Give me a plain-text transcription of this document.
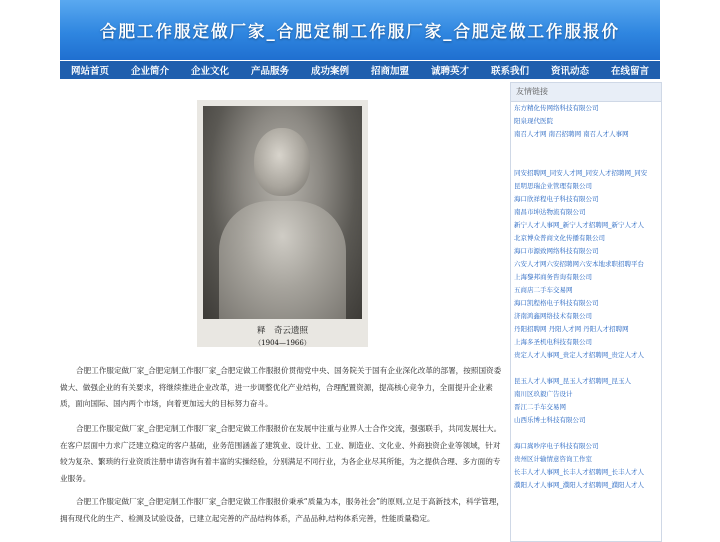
合肥工作服定做厂家_合肥定制工作服厂家_合肥定做工作服报价
网站首页 企业简介 企业文化 产品服务 成功案例 招商加盟 诚聘英才 联系我们 资讯动态 在线留言
释　奇云遗照
（1904—1966）

合肥工作服定做厂家_合肥定制工作服厂家_合肥定做工作服报价贯彻党中央、国务院关于国有企业深化改革的部署，按照国资委做大、做强企业的有关要求，将继续推进企业改革，进一步调整优化产业结构，合理配置资源，提高核心竞争力，全面提升企业素质，面向国际、国内两个市场，向着更加远大的目标努力奋斗。

合肥工作服定做厂家_合肥定制工作服厂家_合肥定做工作服报价在发展中注重与业界人士合作交流，强强联手，共同发展壮大。在客户层面中力求广泛建立稳定的客户基础，业务范围涵盖了建筑业、设计业、工业、制造业、文化业、外商独资企业等领域，针对较为复杂、繁琐的行业资质注册申请咨询有着丰富的实操经验，分别满足不同行业，为各企业尽其所能，为之提供合理、多方面的专业服务。

合肥工作服定做厂家_合肥定制工作服厂家_合肥定做工作服报价秉承“质量为本，服务社会”的原则,立足于高新技术，科学管理，拥有现代化的生产、检测及试验设备，已建立起完善的产品结构体系，产品品种,结构体系完善，性能质量稳定。

友情链接
东方精化传网络科技有限公司
阳泉现代医院
南召人才网 南召招聘网 南召人才人事网
同安招聘网_同安人才网_同安人才招聘网_同安
昆明思瑞企业管理有限公司
海口欣祥程电子科技有限公司
南昌市坤达物流有限公司
新宁人才人事网_新宁人才招聘网_新宁人才人
北京博众普商文化传播有限公司
海口市源致网络科技有限公司
六安人才网六安招聘网六安本地求职招聘平台
上海黎邦商务咨询有限公司
五商店二手车交易网
海口凯程格电子科技有限公司
济南鸿鑫网络技术有限公司
丹阳招聘网 丹阳人才网 丹阳人才招聘网
上海多圣机电科技有限公司
贵定人才人事网_贵定人才招聘网_贵定人才人
昆玉人才人事网_昆玉人才招聘网_昆玉人
南川区玖毅广告设计
晋江二手车交易网
山西乐博士科技有限公司
海口嵩吵序电子科技有限公司
贵州区计输情意咨询工作室
长丰人才人事网_长丰人才招聘网_长丰人才人
濮阳人才人事网_濮阳人才招聘网_濮阳人才人
